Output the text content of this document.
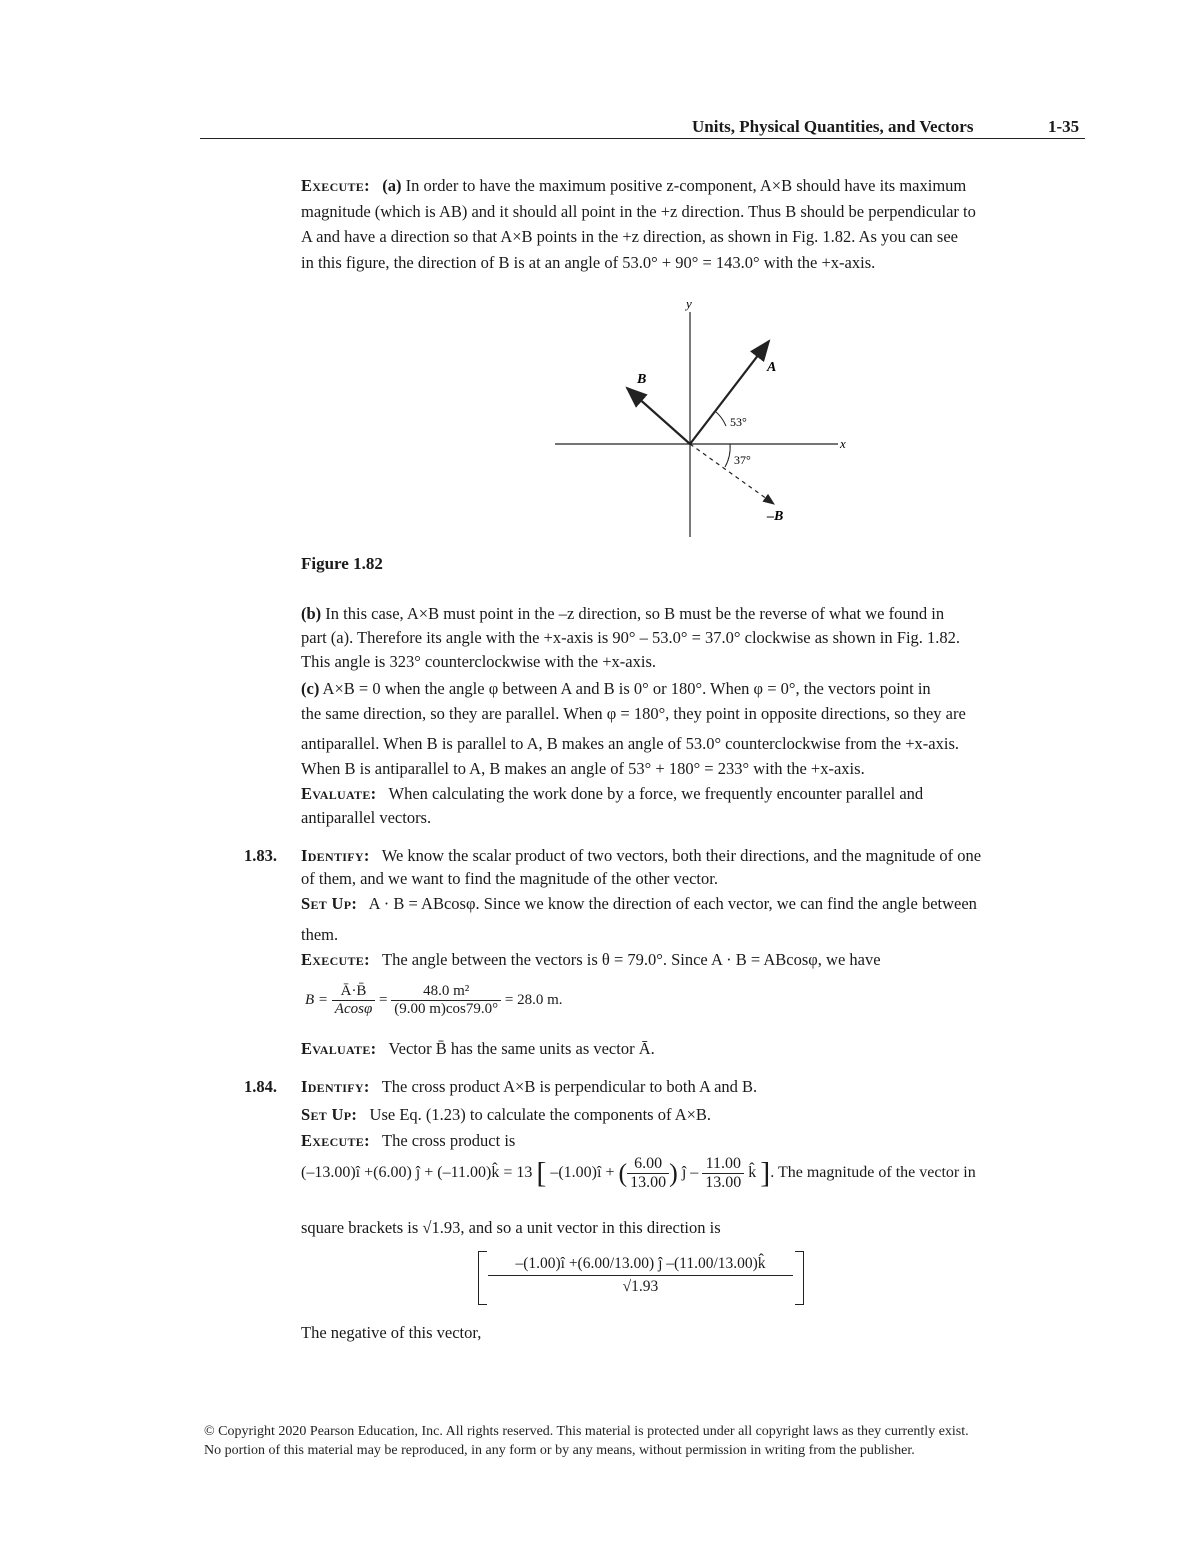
Units, Physical Quantities, and Vectors	1-35
Execute: (a) In order to have the maximum positive z-component, A×B should have its maximum
magnitude (which is AB) and it should all point in the +z direction. Thus B should be perpendicular to
A and have a direction so that A×B points in the +z direction, as shown in Fig. 1.82. As you can see
in this figure, the direction of B is at an angle of 53.0° + 90° = 143.0° with the +x-axis.
y
x
A
B
–B
53°
37°
Figure 1.82
(b) In this case, A×B must point in the –z direction, so B must be the reverse of what we found in
part (a). Therefore its angle with the +x-axis is 90° – 53.0° = 37.0° clockwise as shown in Fig. 1.82.
This angle is 323° counterclockwise with the +x-axis.
(c) A×B = 0 when the angle φ between A and B is 0° or 180°. When φ = 0°, the vectors point in
the same direction, so they are parallel. When φ = 180°, they point in opposite directions, so they are
antiparallel. When B is parallel to A, B makes an angle of 53.0° counterclockwise from the +x-axis.
When B is antiparallel to A, B makes an angle of 53° + 180° = 233° with the +x-axis.
Evaluate: When calculating the work done by a force, we frequently encounter parallel and
antiparallel vectors.
1.83. Identify: We know the scalar product of two vectors, both their directions, and the magnitude of one
of them, and we want to find the magnitude of the other vector.
Set Up: A · B = ABcosφ. Since we know the direction of each vector, we can find the angle between
them.
Execute: The angle between the vectors is θ = 79.0°. Since A · B = ABcosφ, we have
$B = \frac{Ā\cdot B̄}{Acos\varphi} = \frac{\text{48.0 m²}}{(9.00 m)\cos 79.0^\circ} = 28.0$ m.
Evaluate: Vector B̄ has the same units as vector Ā.
1.84. Identify: The cross product A×B is perpendicular to both A and B.
Set Up: Use Eq. (1.23) to calculate the components of A×B.
Execute: The cross product is
(–13.00)î +(6.00) ĵ + (–11.00)k̂ = 13 [ –(1.00)î + ( $\frac{6.00}{13.00}$ ) ĵ – $\frac{11.00}{13.00}$ k̂ ]. The magnitude of the vector in
square brackets is √1.93, and so a unit vector in this direction is
$\frac{-(1.00)î +(6.00/13.00) ĵ -(11.00/13.00)k̂}{√1.93}$
The negative of this vector,
© Copyright 2020 Pearson Education, Inc. All rights reserved. This material is protected under all copyright laws as they currently exist.
No portion of this material may be reproduced, in any form or by any means, without permission in writing from the publisher.
